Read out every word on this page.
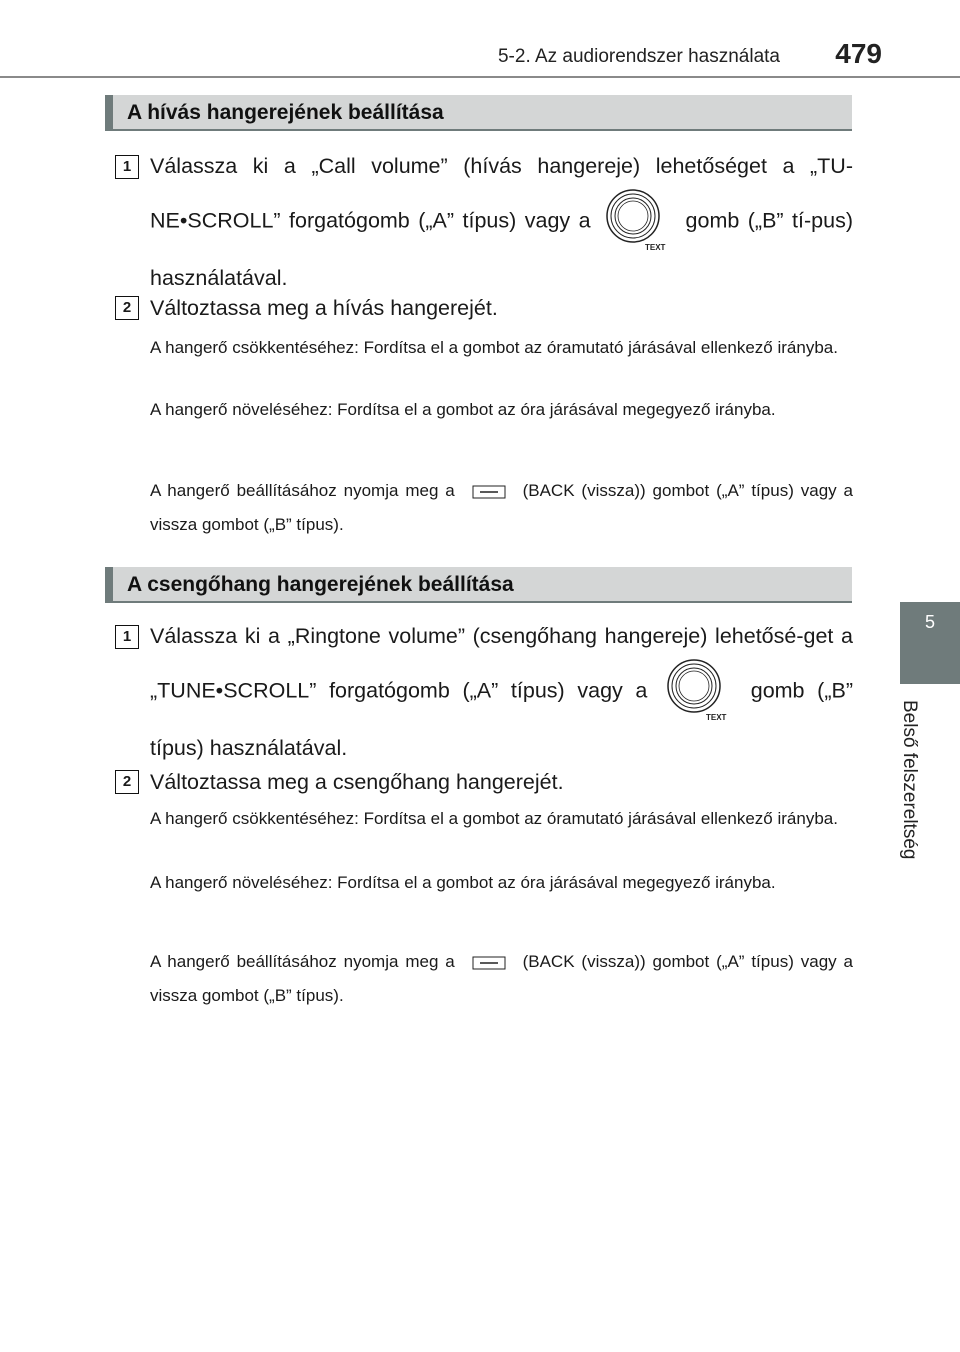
5-2. Az audiorendszer használata 479
5
Belső felszereltség
A hívás hangerejének beállítása
1 Válassza ki a „Call volume” (hívás hangereje) lehetőséget a „TU-NE•SCROLL” forgatógomb („A” típus) vagy a
TEXT
gomb („B” tí-pus) használatával.
2 Változtassa meg a hívás hangerejét.
A hangerő csökkentéséhez: Fordítsa el a gombot az óramutató járásával ellenkező irányba.
A hangerő növeléséhez: Fordítsa el a gombot az óra járásával megegyező irányba.
A hangerő beállításához nyomja meg a	(BACK (vissza)) gombot („A” típus) vagy a vissza gombot („B” típus).
A csengőhang hangerejének beállítása
1 Válassza ki a „Ringtone volume” (csengőhang hangereje) lehetősé-get a „TUNE•SCROLL” forgatógomb („A” típus) vagy a
TEXT
gomb („B” típus) használatával.
2 Változtassa meg a csengőhang hangerejét.
A hangerő csökkentéséhez: Fordítsa el a gombot az óramutató járásával ellenkező irányba.
A hangerő növeléséhez: Fordítsa el a gombot az óra járásával megegyező irányba.
A hangerő beállításához nyomja meg a	(BACK (vissza)) gombot („A” típus) vagy a vissza gombot („B” típus).
